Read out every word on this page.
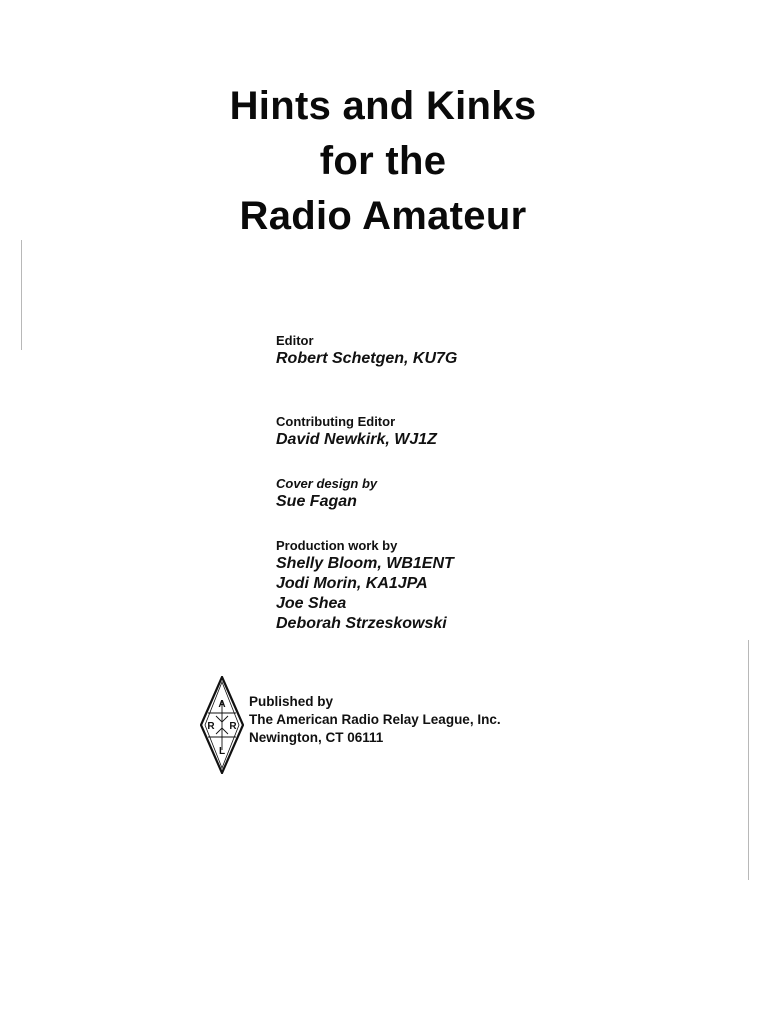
Hints and Kinks
for the
Radio Amateur

Editor

Robert Schetgen, KU7G

Contributing Editor

David Newkirk, WJ1Z

Cover design by

Sue Fagan

Production work by

Shelly Bloom, WB1ENT

Jodi Morin, KA1JPA

Joe Shea

Deborah Strzeskowski

A
R R
L
Published by
The American Radio Relay League, Inc.
Newington, CT 06111
